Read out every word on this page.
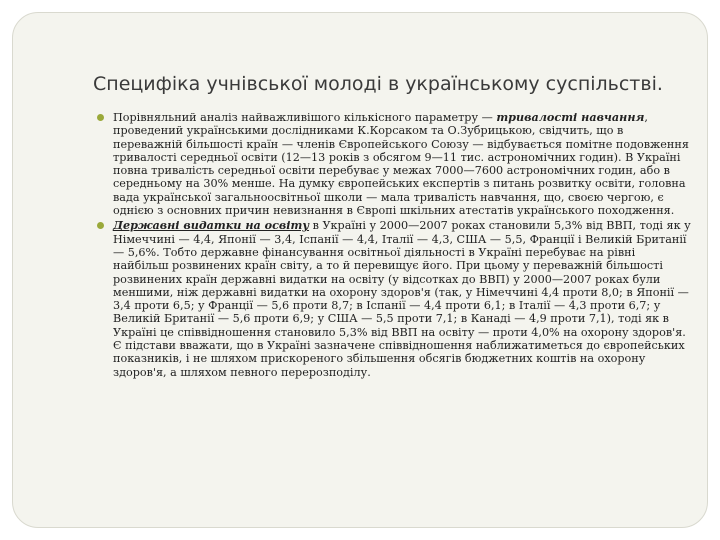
Специфіка учнівської молоді в українському суспільстві.
Порівняльний аналіз найважливішого кількісного параметру — тривалості навчання, проведений українськими дослідниками К.Корсаком та О.Зубрицькою, свідчить, що в переважній більшості країн — членів Європейського Союзу — відбувається помітне подовження тривалості середньої освіти (12—13 років з обсягом 9—11 тис. астрономічних годин). В Україні повна тривалість середньої освіти перебуває у межах 7000—7600 астрономічних годин, або в середньому на 30% менше. На думку європейських експертів з питань розвитку освіти, головна вада української загальноосвітньої школи — мала тривалість навчання, що, своєю чергою, є однією з основних причин невизнання в Європі шкільних атестатів українського походження.
Державні видатки на освіту в Україні у 2000—2007 роках становили 5,3% від ВВП, тоді як у Німеччині — 4,4, Японії — 3,4, Іспанії — 4,4, Італії — 4,3, США — 5,5, Франції і Великій Британії — 5,6%. Тобто державне фінансування освітньої діяльності в Україні перебуває на рівні найбільш розвинених країн світу, а то й перевищує його. При цьому у переважній більшості розвинених країн державні видатки на освіту (у відсотках до ВВП) у 2000—2007 роках були меншими, ніж державні видатки на охорону здоров'я (так, у Німеччині 4,4 проти 8,0; в Японії — 3,4 проти 6,5; у Франції — 5,6 проти 8,7; в Іспанії — 4,4 проти 6,1; в Італії — 4,3 проти 6,7; у Великій Британії — 5,6 проти 6,9; у США — 5,5 проти 7,1; в Канаді — 4,9 проти 7,1), тоді як в Україні це співвідношення становило 5,3% від ВВП на освіту — проти 4,0% на охорону здоров'я. Є підстави вважати, що в Україні зазначене співвідношення наближатиметься до європейських показників, і не шляхом прискореного збільшення обсягів бюджетних коштів на охорону здоров'я, а шляхом певного перерозподілу.
